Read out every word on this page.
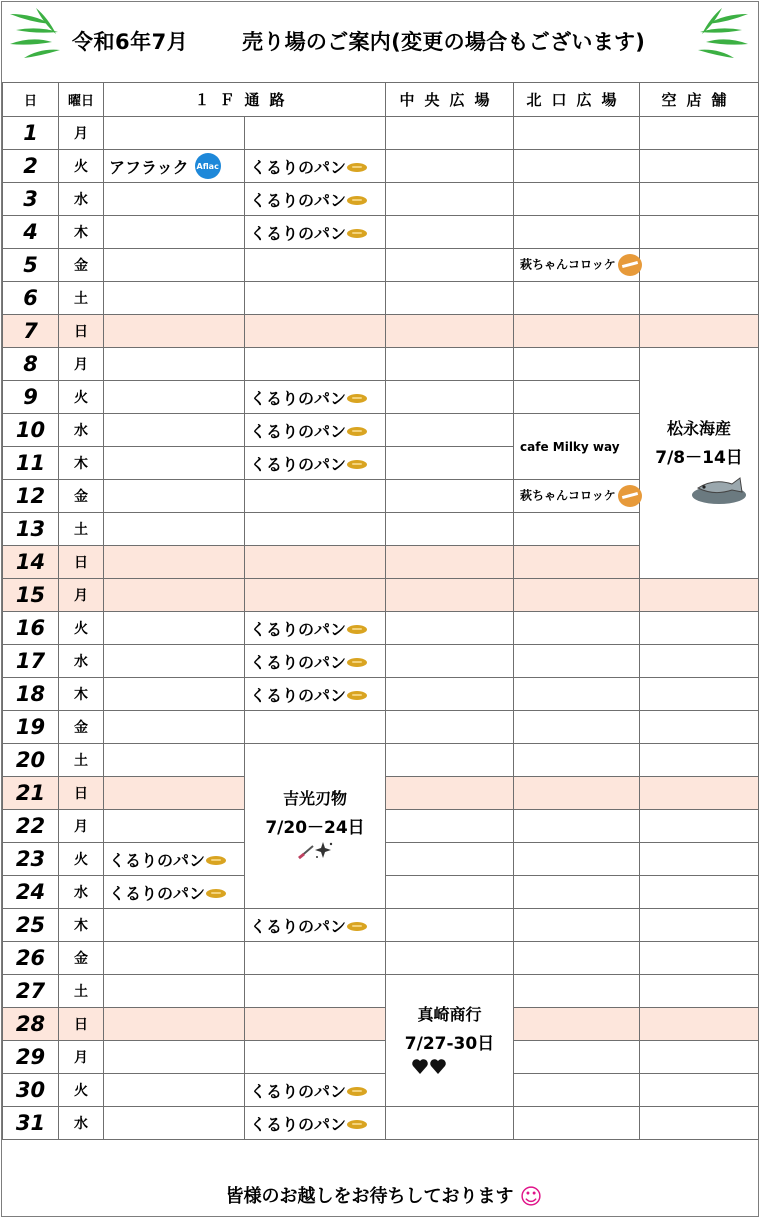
令和6年7月	売り場のご案内(変更の場合もございます)
日	曜日	１Ｆ通路		中央広場	北口広場	空店舗
1	月					
2	火	アフラック Aflac	くるりのパン			

3	水		くるりのパン			

4	木		くるりのパン			

5	金				萩ちゃんコロッケ	

6	土					
7	日					
8	月					松永海産
7/8－14日

9	火		くるりのパン			

10	水		くるりのパン		cafe Milky way	

11	木		くるりのパン			

12	金				萩ちゃんコロッケ	

13	土					
14	日					
15	月					
16	火		くるりのパン			

17	水		くるりのパン			

18	木		くるりのパン			

19	金					
20	土		吉光刃物
7/20－24日			

21	日					
22	月					
23	火	くるりのパン				

24	水	くるりのパン				

25	木		くるりのパン			

26	金					
27	土			真崎商行
7/27-30日		

28	日					
29	月					
30	火		くるりのパン			

31	水		くるりのパン			

皆様のお越しをお待ちしております ☺
